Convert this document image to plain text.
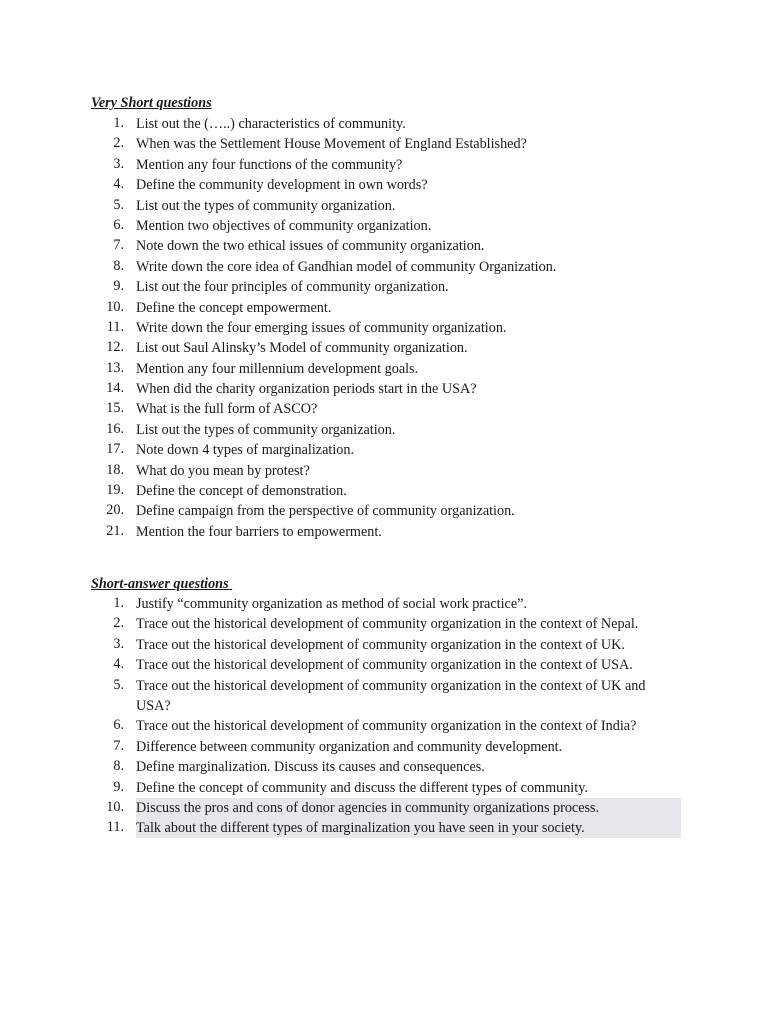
Very Short questions
1. List out the (…..) characteristics of community.
2. When was the Settlement House Movement of England Established?
3. Mention any four functions of the community?
4. Define the community development in own words?
5. List out the types of community organization.
6. Mention two objectives of community organization.
7. Note down the two ethical issues of community organization.
8. Write down the core idea of Gandhian model of community Organization.
9. List out the four principles of community organization.
10. Define the concept empowerment.
11. Write down the four emerging issues of community organization.
12. List out Saul Alinsky’s Model of community organization.
13. Mention any four millennium development goals.
14. When did the charity organization periods start in the USA?
15. What is the full form of ASCO?
16. List out the types of community organization.
17. Note down 4 types of marginalization.
18. What do you mean by protest?
19. Define the concept of demonstration.
20. Define campaign from the perspective of community organization.
21. Mention the four barriers to empowerment.
Short-answer questions
1. Justify “community organization as method of social work practice”.
2. Trace out the historical development of community organization in the context of Nepal.
3. Trace out the historical development of community organization in the context of UK.
4. Trace out the historical development of community organization in the context of USA.
5. Trace out the historical development of community organization in the context of UK and USA?
6. Trace out the historical development of community organization in the context of India?
7. Difference between community organization and community development.
8. Define marginalization. Discuss its causes and consequences.
9. Define the concept of community and discuss the different types of community.
10. Discuss the pros and cons of donor agencies in community organizations process.
11. Talk about the different types of marginalization you have seen in your society.
